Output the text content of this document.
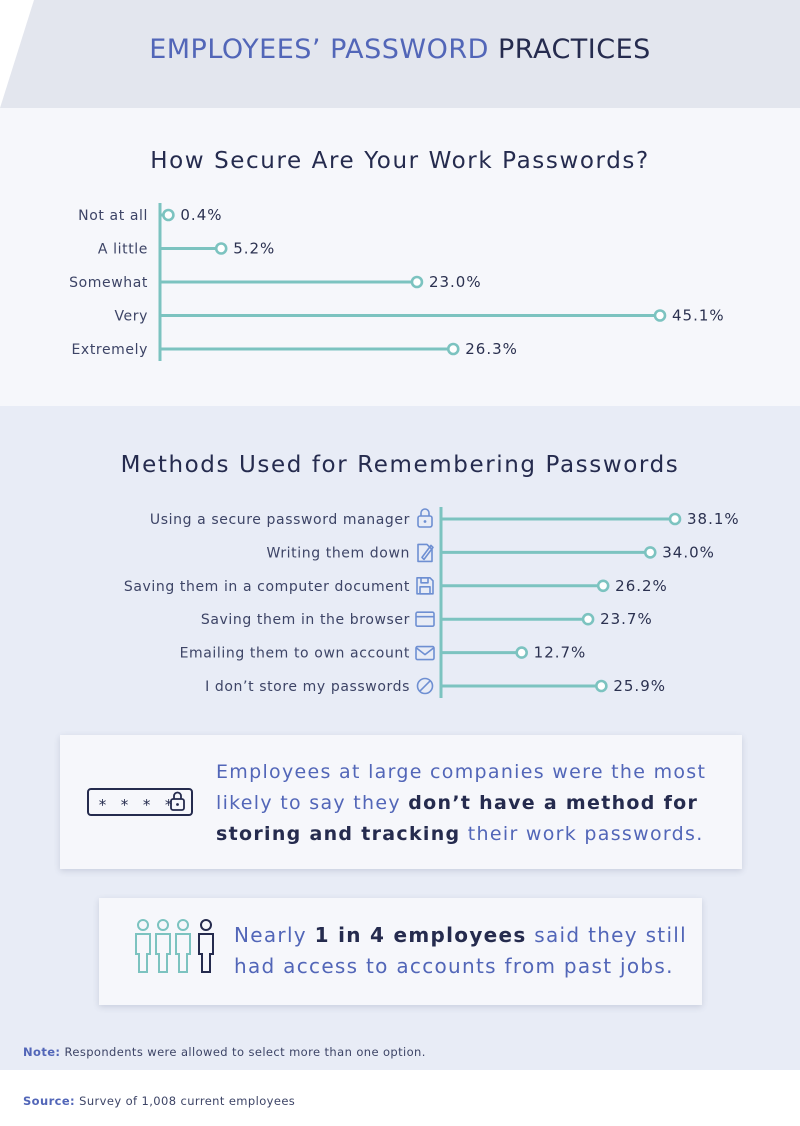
EMPLOYEES’ PASSWORD PRACTICES
How Secure Are Your Work Passwords?
0.4%
Not at all
5.2%
A little
23.0%
Somewhat
45.1%
Very
26.3%
Extremely
Methods Used for Remembering Passwords
38.1%
Using a secure password manager
34.0%
Writing them down
26.2%
Saving them in a computer document
23.7%
Saving them in the browser
12.7%
Emailing them to own account
25.9%
I don’t store my passwords
* * * *
Employees at large companies were the most likely to say they don’t have a method for storing and tracking their work passwords.
Nearly 1 in 4 employees said they still had access to accounts from past jobs.
Note: Respondents were allowed to select more than one option.
Source: Survey of 1,008 current employees
